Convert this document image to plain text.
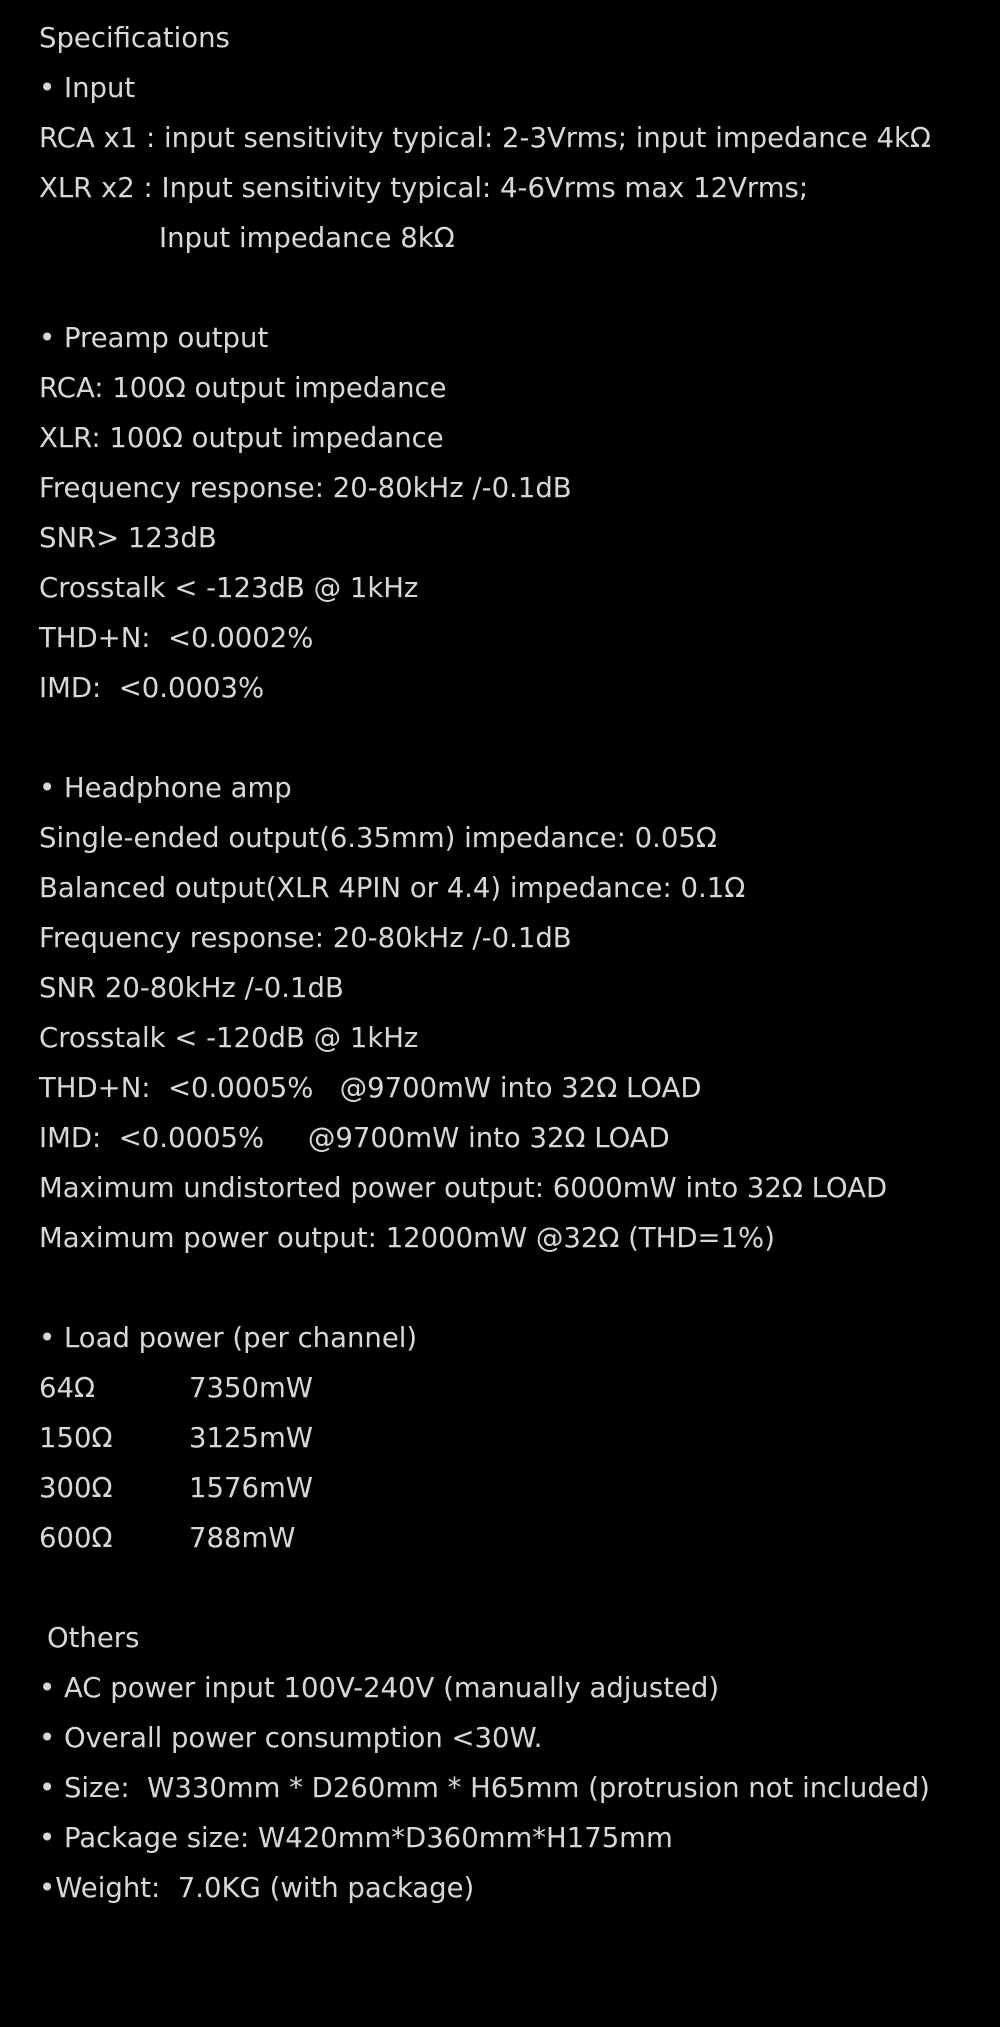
Specifications
• Input
RCA x1 : input sensitivity typical: 2-3Vrms; input impedance 4kΩ
XLR x2 : Input sensitivity typical: 4-6Vrms max 12Vrms;
Input impedance 8kΩ
• Preamp output
RCA: 100Ω output impedance
XLR: 100Ω output impedance
Frequency response: 20-80kHz /-0.1dB
SNR> 123dB
Crosstalk < -123dB @ 1kHz
THD+N:  <0.0002%
IMD:  <0.0003%
• Headphone amp
Single-ended output(6.35mm) impedance: 0.05Ω
Balanced output(XLR 4PIN or 4.4) impedance: 0.1Ω
Frequency response: 20-80kHz /-0.1dB
SNR 20-80kHz /-0.1dB
Crosstalk < -120dB @ 1kHz
THD+N:  <0.0005%   @9700mW into 32Ω LOAD
IMD:  <0.0005%     @9700mW into 32Ω LOAD
Maximum undistorted power output: 6000mW into 32Ω LOAD
Maximum power output: 12000mW @32Ω (THD=1%)
• Load power (per channel)
64Ω	7350mW
150Ω	3125mW
300Ω	1576mW
600Ω	788mW
Others
• AC power input 100V-240V (manually adjusted)
• Overall power consumption <30W.
• Size:  W330mm * D260mm * H65mm (protrusion not included)
• Package size: W420mm*D360mm*H175mm
•Weight:  7.0KG (with package)
